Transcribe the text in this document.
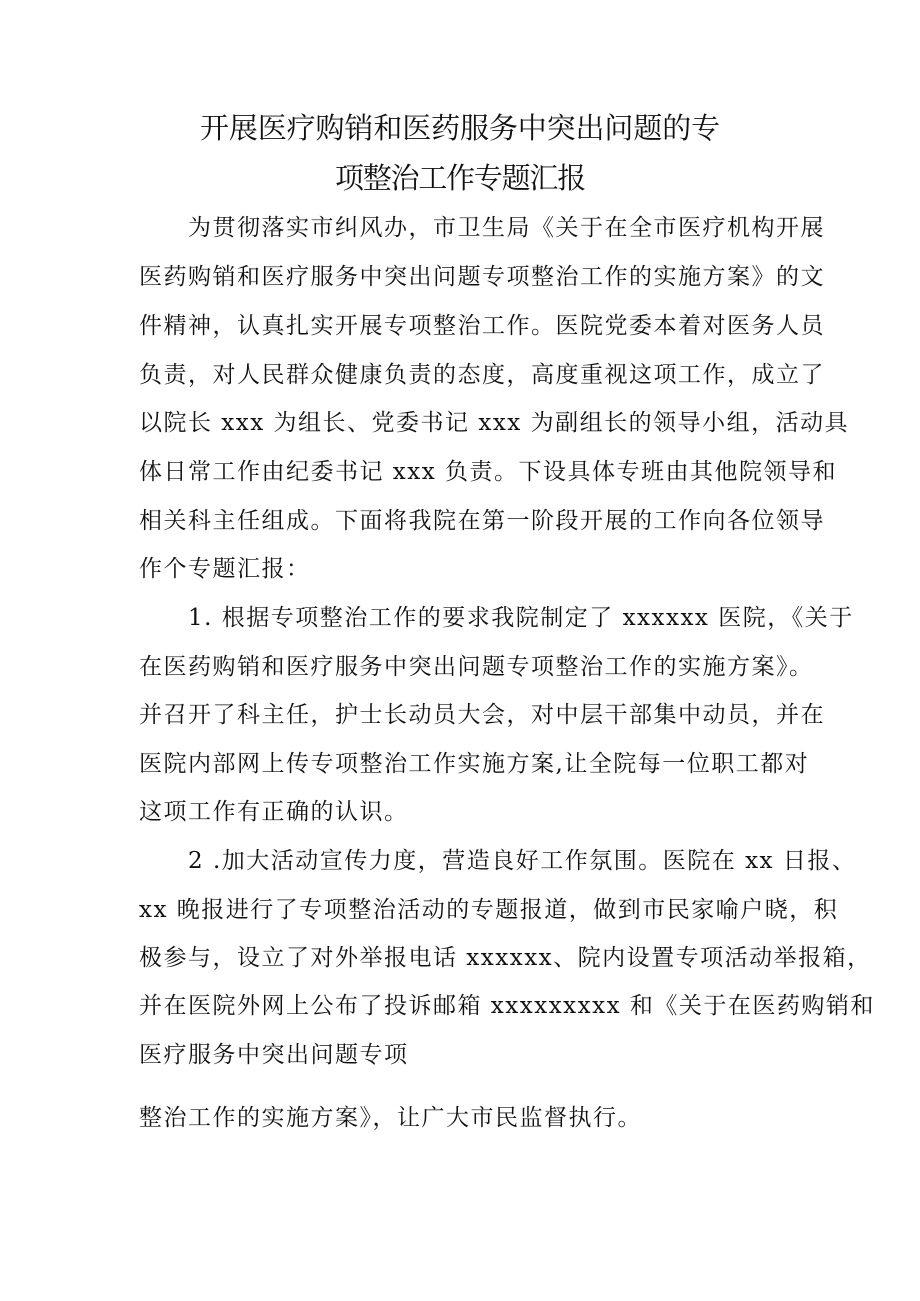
开展医疗购销和医药服务中突出问题的专
项整治工作专题汇报

为贯彻落实市纠风办，市卫生局《关于在全市医疗机构开展

医药购销和医疗服务中突出问题专项整治工作的实施方案》的文

件精神，认真扎实开展专项整治工作。医院党委本着对医务人员

负责，对人民群众健康负责的态度，高度重视这项工作，成立了

以院长 xxx 为组长、党委书记 xxx 为副组长的领导小组，活动具

体日常工作由纪委书记 xxx 负责。下设具体专班由其他院领导和

相关科主任组成。下面将我院在第一阶段开展的工作向各位领导

作个专题汇报：

1. 根据专项整治工作的要求我院制定了 xxxxxx 医院，《关于

在医药购销和医疗服务中突出问题专项整治工作的实施方案》。

并召开了科主任，护士长动员大会，对中层干部集中动员，并在

医院内部网上传专项整治工作实施方案,让全院每一位职工都对

这项工作有正确的认识。

2 .加大活动宣传力度，营造良好工作氛围。医院在 xx 日报、

xx 晚报进行了专项整治活动的专题报道，做到市民家喻户晓，积

极参与，设立了对外举报电话 xxxxxx、院内设置专项活动举报箱，

并在医院外网上公布了投诉邮箱 xxxxxxxxx 和《关于在医药购销和

医疗服务中突出问题专项

整治工作的实施方案》，让广大市民监督执行。
